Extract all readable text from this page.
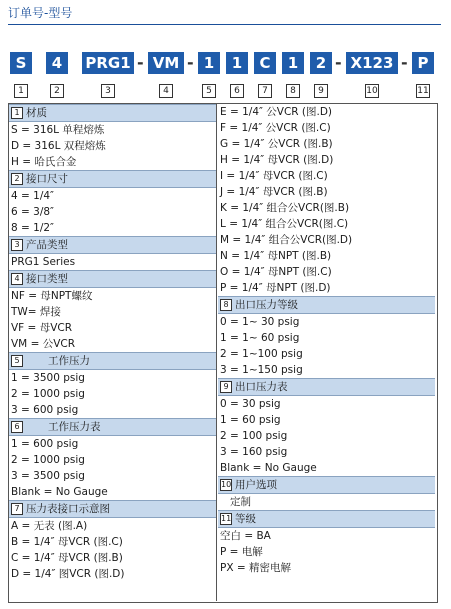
订单号-型号
S	4	PRG1 - VM - 1	1	C	1	2 - X123 - P
1	2	3	4	5	6	7	8	9	10	11
1 材质
S = 316L 单程熔炼
D = 316L 双程熔炼
H = 哈氏合金
2 接口尺寸
4 = 1/4″
6 = 3/8″
8 = 1/2″
3 产品类型
PRG1 Series
4 接口类型
NF = 母NPT螺纹
TW= 焊接
VF = 母VCR
VM = 公VCR
5	工作压力
1 = 3500 psig
2 = 1000 psig
3 = 600 psig
6	工作压力表
1 = 600 psig
2 = 1000 psig
3 = 3500 psig
Blank = No Gauge
7 压力表接口示意图
A = 无表 (图.A)
B = 1/4″ 母VCR (图.C)
C = 1/4″ 母VCR (图.B)
D = 1/4″ 图VCR (图.D)
E = 1/4″ 公VCR (图.D)
F = 1/4″ 公VCR (图.C)
G = 1/4″ 公VCR (图.B)
H = 1/4″ 母VCR (图.D)
I = 1/4″ 母VCR (图.C)
J = 1/4″ 母VCR (图.B)
K = 1/4″ 组合公VCR(图.B)
L = 1/4″ 组合公VCR(图.C)
M = 1/4″ 组合公VCR(图.D)
N = 1/4″ 母NPT (图.B)
O = 1/4″ 母NPT (图.C)
P = 1/4″ 母NPT (图.D)
8 出口压力等级
0 = 1~ 30 psig
1 = 1~ 60 psig
2 = 1~100 psig
3 = 1~150 psig
9 出口压力表
0 = 30 psig
1 = 60 psig
2 = 100 psig
3 = 160 psig
Blank = No Gauge
10 用户选项
定制
11 等级
空白 = BA
P = 电解
PX = 精密电解
